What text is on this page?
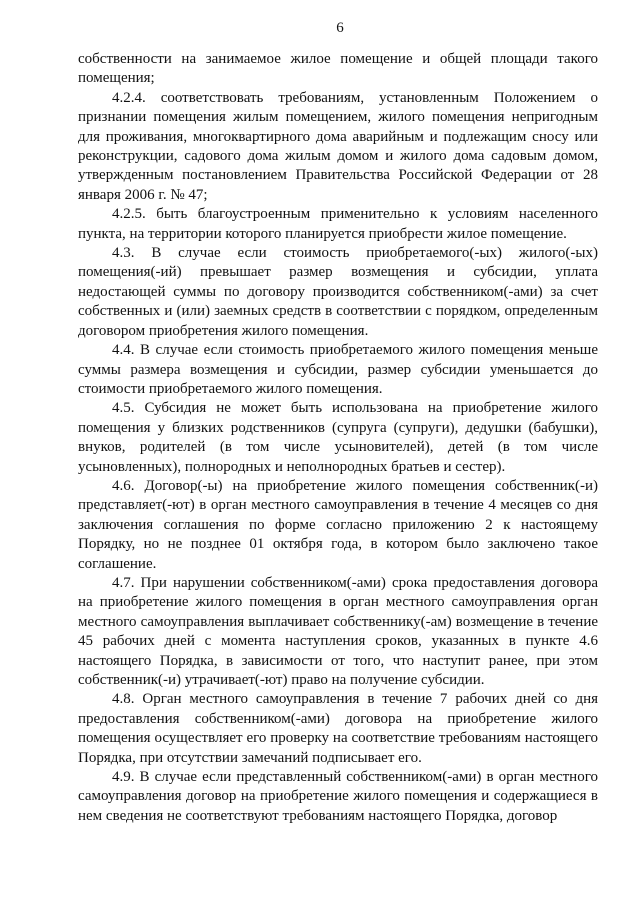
6

собственности на занимаемое жилое помещение и общей площади такого помещения;

4.2.4. соответствовать требованиям, установленным Положением о признании помещения жилым помещением, жилого помещения непригодным для проживания, многоквартирного дома аварийным и подлежащим сносу или реконструкции, садового дома жилым домом и жилого дома садовым домом, утвержденным постановлением Правительства Российской Федерации от 28 января 2006 г. № 47;

4.2.5. быть благоустроенным применительно к условиям населенного пункта, на территории которого планируется приобрести жилое помещение.

4.3. В случае если стоимость приобретаемого(-ых) жилого(-ых) помещения(-ий) превышает размер возмещения и субсидии, уплата недостающей суммы по договору производится собственником(-ами) за счет собственных и (или) заемных средств в соответствии с порядком, определенным договором приобретения жилого помещения.

4.4. В случае если стоимость приобретаемого жилого помещения меньше суммы размера возмещения и субсидии, размер субсидии уменьшается до стоимости приобретаемого жилого помещения.

4.5. Субсидия не может быть использована на приобретение жилого помещения у близких родственников (супруга (супруги), дедушки (бабушки), внуков, родителей (в том числе усыновителей), детей (в том числе усыновленных), полнородных и неполнородных братьев и сестер).

4.6. Договор(-ы) на приобретение жилого помещения собственник(-и) представляет(-ют) в орган местного самоуправления в течение 4 месяцев со дня заключения соглашения по форме согласно приложению 2 к настоящему Порядку, но не позднее 01 октября года, в котором было заключено такое соглашение.

4.7. При нарушении собственником(-ами) срока предоставления договора на приобретение жилого помещения в орган местного самоуправления орган местного самоуправления выплачивает собственнику(-ам) возмещение в течение 45 рабочих дней с момента наступления сроков, указанных в пункте 4.6 настоящего Порядка, в зависимости от того, что наступит ранее, при этом собственник(-и) утрачивает(-ют) право на получение субсидии.

4.8. Орган местного самоуправления в течение 7 рабочих дней со дня предоставления собственником(-ами) договора на приобретение жилого помещения осуществляет его проверку на соответствие требованиям настоящего Порядка, при отсутствии замечаний подписывает его.

4.9. В случае если представленный собственником(-ами) в орган местного самоуправления договор на приобретение жилого помещения и содержащиеся в нем сведения не соответствуют требованиям настоящего Порядка, договор
